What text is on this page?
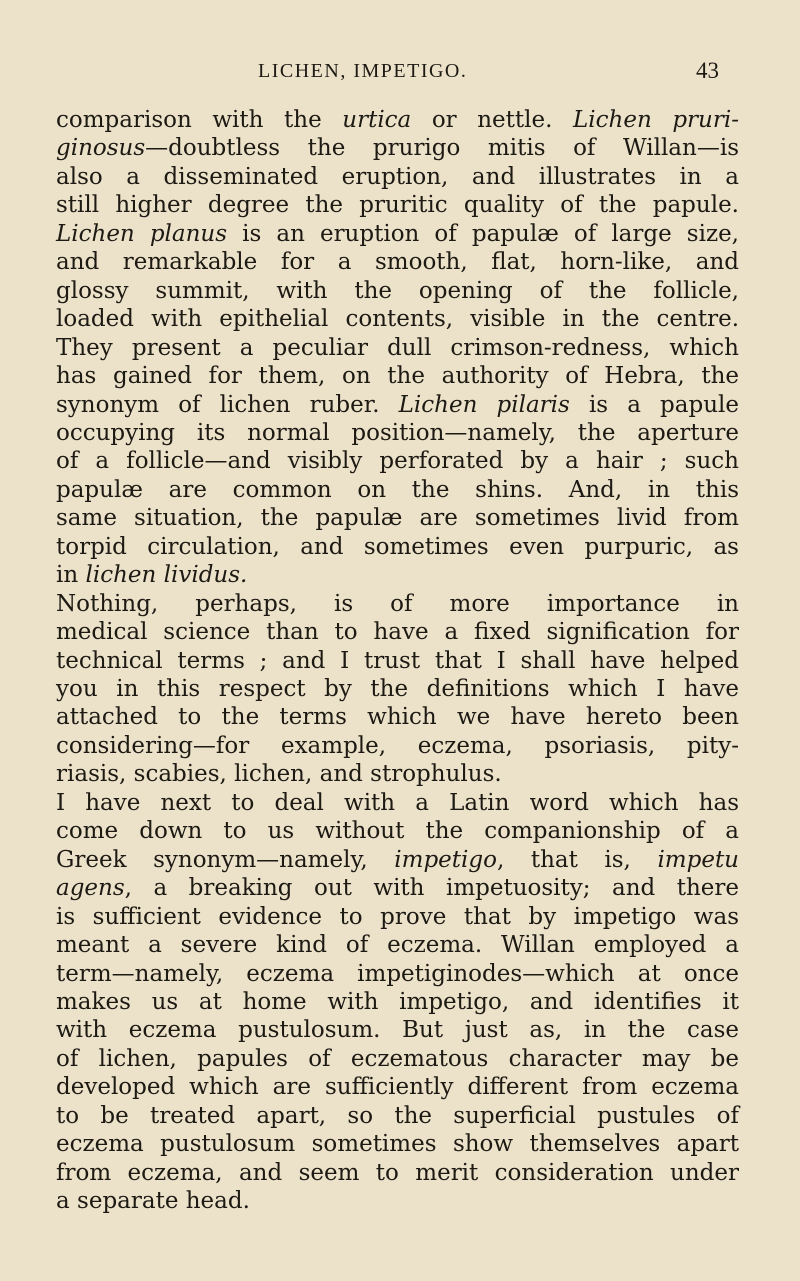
LICHEN, IMPETIGO.	43
comparison with the urtica or nettle. Lichen pruri-
ginosus—doubtless the prurigo mitis of Willan—is
also a disseminated eruption, and illustrates in a
still higher degree the pruritic quality of the papule.
Lichen planus is an eruption of papulæ of large size,
and remarkable for a smooth, flat, horn-like, and
glossy summit, with the opening of the follicle,
loaded with epithelial contents, visible in the centre.
They present a peculiar dull crimson-redness, which
has gained for them, on the authority of Hebra, the
synonym of lichen ruber. Lichen pilaris is a papule
occupying its normal position—namely, the aperture
of a follicle—and visibly perforated by a hair ; such
papulæ are common on the shins. And, in this
same situation, the papulæ are sometimes livid from
torpid circulation, and sometimes even purpuric, as
in lichen lividus.
Nothing, perhaps, is of more importance in
medical science than to have a fixed signification for
technical terms ; and I trust that I shall have helped
you in this respect by the definitions which I have
attached to the terms which we have hereto been
considering—for example, eczema, psoriasis, pity-
riasis, scabies, lichen, and strophulus.
I have next to deal with a Latin word which has
come down to us without the companionship of a
Greek synonym—namely, impetigo, that is, impetu
agens, a breaking out with impetuosity; and there
is sufficient evidence to prove that by impetigo was
meant a severe kind of eczema. Willan employed a
term—namely, eczema impetiginodes—which at once
makes us at home with impetigo, and identifies it
with eczema pustulosum. But just as, in the case
of lichen, papules of eczematous character may be
developed which are sufficiently different from eczema
to be treated apart, so the superficial pustules of
eczema pustulosum sometimes show themselves apart
from eczema, and seem to merit consideration under
a separate head.
